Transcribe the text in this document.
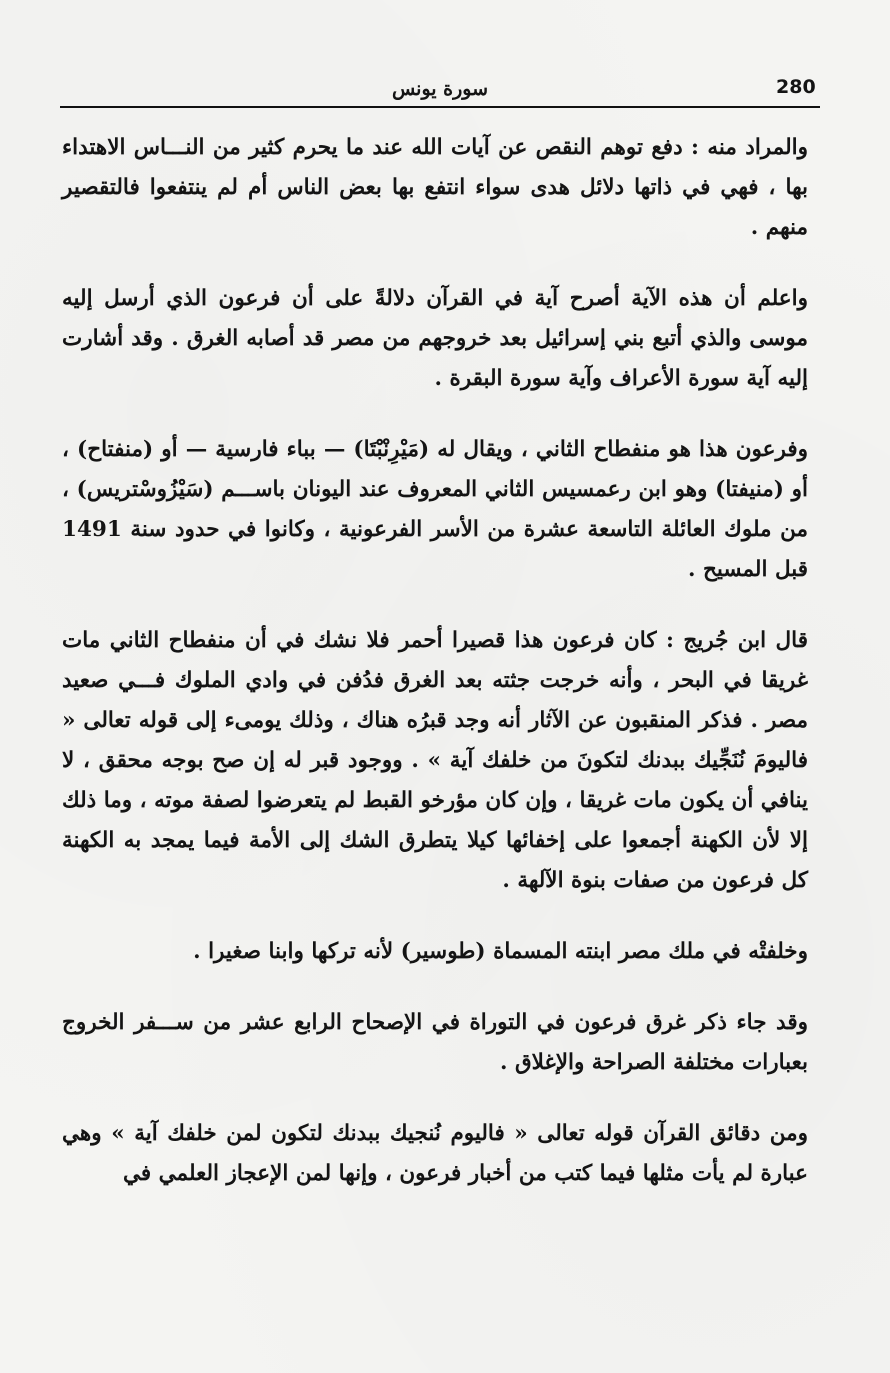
280
سورة يونس

والمراد منه : دفع توهم النقص عن آيات الله عند ما يحرم كثير من النـــاس الاهتداء بها ، فهي في ذاتها دلائل هدى سواء انتفع بها بعض الناس أم لم ينتفعوا فالتقصير منهم .

واعلم أن هذه الآية أصرح آية في القرآن دلالةً على أن فرعون الذي أرسل إليه موسى والذي أتبع بني إسرائيل بعد خروجهم من مصر قد أصابه الغرق . وقد أشارت إليه آية سورة الأعراف وآية سورة البقرة .

وفرعون هذا هو منفطاح الثاني ، ويقال له (مَيْرِنْبْتَا) — بباء فارسية — أو (منفتاح) ، أو (منيفتا) وهو ابن رعمسيس الثاني المعروف عند اليونان باســـم (سَيْزُوسْتريس) ، من ملوك العائلة التاسعة عشرة من الأسر الفرعونية ، وكانوا في حدود سنة 1491 قبل المسيح .

قال ابن جُريج : كان فرعون هذا قصيرا أحمر فلا نشك في أن منفطاح الثاني مات غريقا في البحر ، وأنه خرجت جثته بعد الغرق فدُفن في وادي الملوك فـــي صعيد مصر . فذكر المنقبون عن الآثار أنه وجد قبرُه هناك ، وذلك يومىء إلى قوله تعالى « فاليومَ نُنَجِّيك ببدنك لتكونَ من خلفك آية » . ووجود قبر له إن صح بوجه محقق ، لا ينافي أن يكون مات غريقا ، وإن كان مؤرخو القبط لم يتعرضوا لصفة موته ، وما ذلك إلا لأن الكهنة أجمعوا على إخفائها كيلا يتطرق الشك إلى الأمة فيما يمجد به الكهنة كل فرعون من صفات بنوة الآلهة .

وخلفتْه في ملك مصر ابنته المسماة (طوسير) لأنه تركها وابنا صغيرا .

وقد جاء ذكر غرق فرعون في التوراة في الإصحاح الرابع عشر من ســـفر الخروج بعبارات مختلفة الصراحة والإغلاق .

ومن دقائق القرآن قوله تعالى « فاليوم نُنجيك ببدنك لتكون لمن خلفك آية » وهي عبارة لم يأت مثلها فيما كتب من أخبار فرعون ، وإنها لمن الإعجاز العلمي في
